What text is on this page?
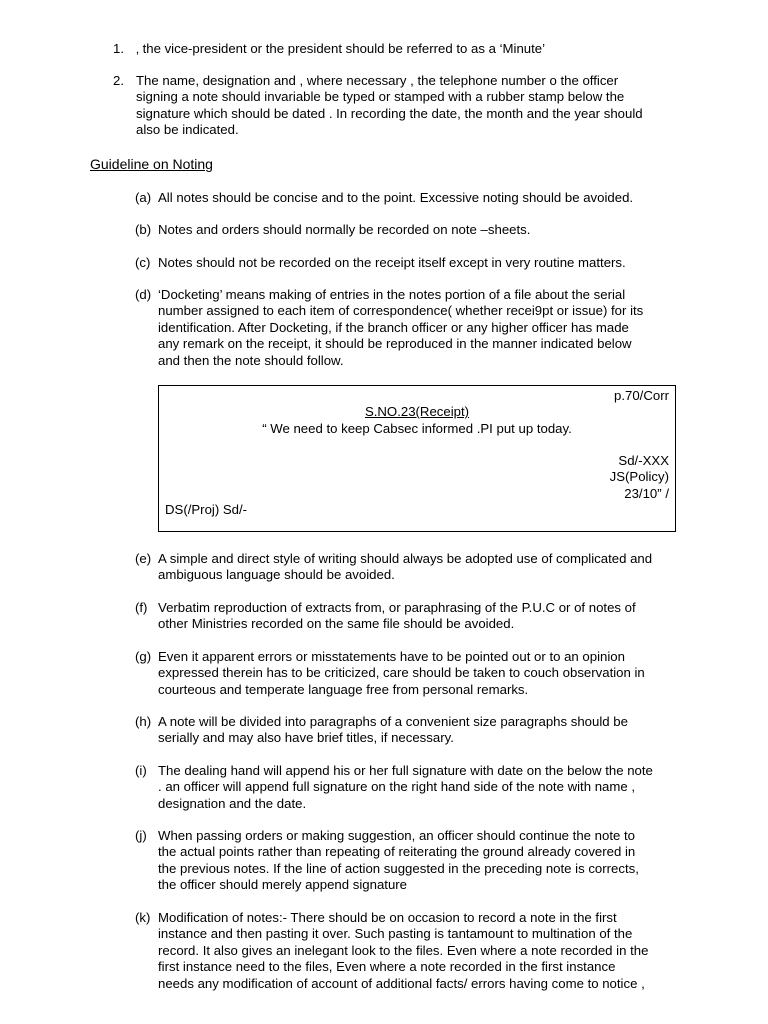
1. ‚ the vice-president or the president should be referred to as a ‘Minute’

2. The name, designation and , where necessary , the telephone number o the officer

signing a note should invariable be typed or stamped with a rubber stamp below the

signature which should be dated . In recording the date, the month and the year should

also be indicated.

Guideline on Noting
(a) All notes should be concise and to the point. Excessive noting should be avoided.

(b) Notes and orders should normally be recorded on note –sheets.

(c) Notes should not be recorded on the receipt itself except in very routine matters.

(d) ‘Docketing’ means making of entries in the notes portion of a file about the serial

number assigned to each item of correspondence( whether recei9pt or issue) for its

identification. After Docketing, if the branch officer or any higher officer has made

any remark on the receipt, it should be reproduced in the manner indicated below

and then the note should follow.

p.70/Corr
S.NO.23(Receipt)
“ We need to keep Cabsec informed .PI put up today.
Sd/-XXX
JS(Policy)
23/10” /
DS(/Proj) Sd/-
(e) A simple and direct style of writing should always be adopted use of complicated and

ambiguous language should be avoided.

(f) Verbatim reproduction of extracts from, or paraphrasing of the P.U.C or of notes of

other Ministries recorded on the same file should be avoided.

(g) Even it apparent errors or misstatements have to be pointed out or to an opinion

expressed therein has to be criticized, care should be taken to couch observation in

courteous and temperate language free from personal remarks.

(h) A note will be divided into paragraphs of a convenient size paragraphs should be

serially and may also have brief titles, if necessary.

(i) The dealing hand will append his or her full signature with date on the below the note

. an officer will append full signature on the right hand side of the note with name ,

designation and the date.

(j) When passing orders or making suggestion, an officer should continue the note to

the actual points rather than repeating of reiterating the ground already covered in

the previous notes. If the line of action suggested in the preceding note is corrects,

the officer should merely append signature

(k) Modification of notes:- There should be on occasion to record a note in the first

instance and then pasting it over. Such pasting is tantamount to multination of the

record. It also gives an inelegant look to the files. Even where a note recorded in the

first instance need to the files, Even where a note recorded in the first instance

needs any modification of account of additional facts/ errors having come to notice ,
